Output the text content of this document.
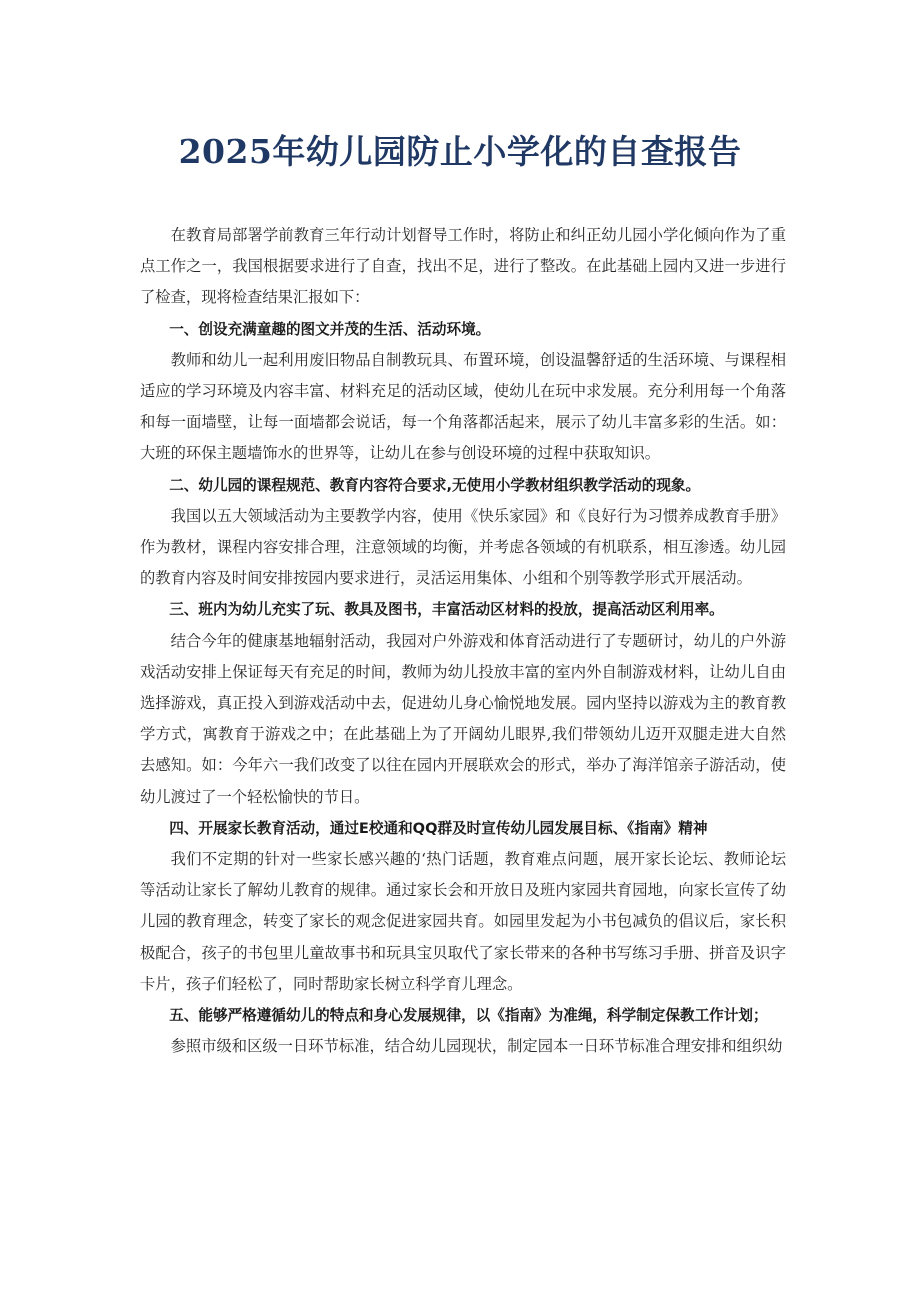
2025年幼儿园防止小学化的自查报告

在教育局部署学前教育三年行动计划督导工作时，将防止和纠正幼儿园小学化倾向作为了重点工作之一，我国根据要求进行了自查，找出不足，进行了整改。在此基础上园内又进一步进行了检查，现将检查结果汇报如下：

一、创设充满童趣的图文并茂的生活、活动环境。

教师和幼儿一起利用废旧物品自制教玩具、布置环境，创设温馨舒适的生活环境、与课程相适应的学习环境及内容丰富、材料充足的活动区域，使幼儿在玩中求发展。充分利用每一个角落和每一面墙壁，让每一面墙都会说话，每一个角落都活起来，展示了幼儿丰富多彩的生活。如：大班的环保主题墙饰水的世界等，让幼儿在参与创设环境的过程中获取知识。

二、幼儿园的课程规范、教育内容符合要求,无使用小学教材组织教学活动的现象。

我国以五大领域活动为主要教学内容，使用《快乐家园》和《良好行为习惯养成教育手册》作为教材，课程内容安排合理，注意领域的均衡，并考虑各领域的有机联系，相互渗透。幼儿园的教育内容及时间安排按园内要求进行，灵活运用集体、小组和个别等教学形式开展活动。

三、班内为幼儿充实了玩、教具及图书，丰富活动区材料的投放，提高活动区利用率。

结合今年的健康基地辐射活动，我园对户外游戏和体育活动进行了专题研讨，幼儿的户外游戏活动安排上保证每天有充足的时间，教师为幼儿投放丰富的室内外自制游戏材料，让幼儿自由选择游戏，真正投入到游戏活动中去，促进幼儿身心愉悦地发展。园内坚持以游戏为主的教育教学方式，寓教育于游戏之中；在此基础上为了开阔幼儿眼界,我们带领幼儿迈开双腿走进大自然去感知。如：今年六一我们改变了以往在园内开展联欢会的形式，举办了海洋馆亲子游活动，使幼儿渡过了一个轻松愉快的节日。

四、开展家长教育活动，通过E校通和QQ群及时宣传幼儿园发展目标、《指南》精神

我们不定期的针对一些家长感兴趣的‘热门话题，教育难点问题，展开家长论坛、教师论坛等活动让家长了解幼儿教育的规律。通过家长会和开放日及班内家园共育园地，向家长宣传了幼儿园的教育理念，转变了家长的观念促进家园共育。如园里发起为小书包减负的倡议后，家长积极配合，孩子的书包里儿童故事书和玩具宝贝取代了家长带来的各种书写练习手册、拼音及识字卡片，孩子们轻松了，同时帮助家长树立科学育儿理念。

五、能够严格遵循幼儿的特点和身心发展规律，以《指南》为准绳，科学制定保教工作计划；

参照市级和区级一日环节标准，结合幼儿园现状，制定园本一日环节标准合理安排和组织幼
